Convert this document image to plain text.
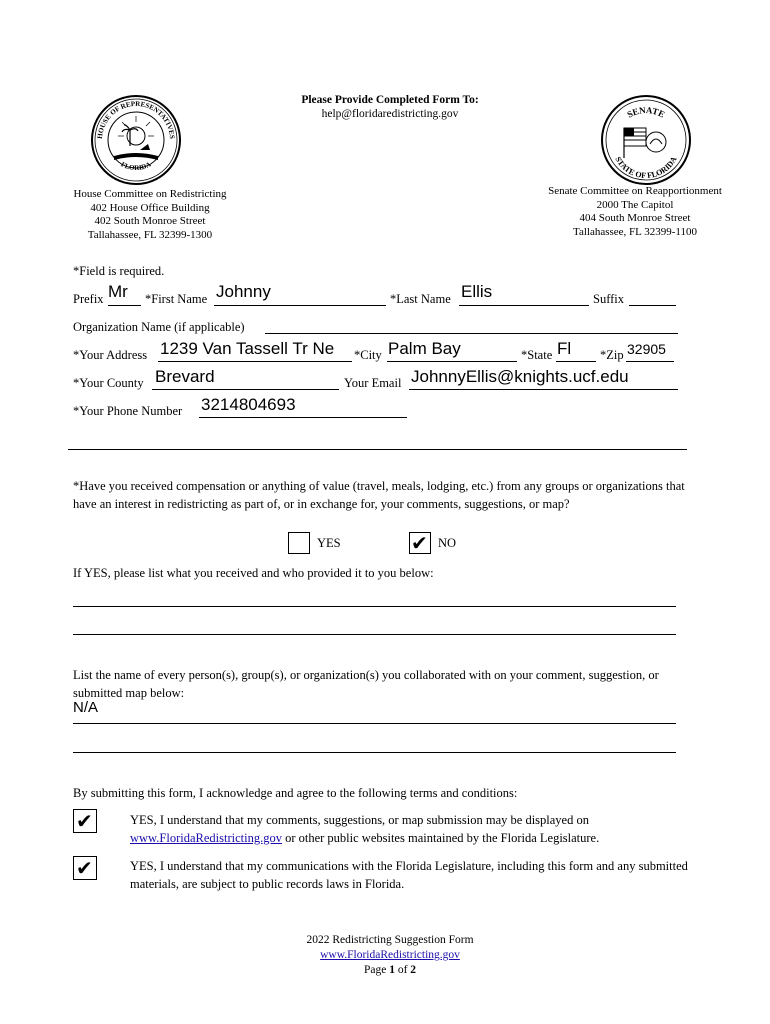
Please Provide Completed Form To:
help@floridaredistricting.gov
HOUSE OF REPRESENTATIVES
FLORIDA
SENATE
STATE OF FLORIDA
House Committee on Redistricting
402 House Office Building
402 South Monroe Street
Tallahassee, FL 32399-1300
Senate Committee on Reapportionment
2000 The Capitol
404 South Monroe Street
Tallahassee, FL 32399-1100
*Field is required.
Prefix Mr *First Name Johnny	*Last Name Ellis	Suffix
Organization Name (if applicable)
*Your Address 1239 Van Tassell Tr Ne *City Palm Bay	*State Fl *Zip 32905
*Your County Brevard	Your Email JohnnyEllis@knights.ucf.edu
*Your Phone Number 3214804693
*Have you received compensation or anything of value (travel, meals, lodging, etc.) from any groups or organizations that have an interest in redistricting as part of, or in exchange for, your comments, suggestions, or map?
YES	✔ NO
If YES, please list what you received and who provided it to you below:
List the name of every person(s), group(s), or organization(s) you collaborated with on your comment, suggestion, or submitted map below:
N/A
By submitting this form, I acknowledge and agree to the following terms and conditions:
✔	YES, I understand that my comments, suggestions, or map submission may be displayed on
www.FloridaRedistricting.gov or other public websites maintained by the Florida Legislature.
✔	YES, I understand that my communications with the Florida Legislature, including this form and any submitted materials, are subject to public records laws in Florida.
2022 Redistricting Suggestion Form
www.FloridaRedistricting.gov
Page 1 of 2
